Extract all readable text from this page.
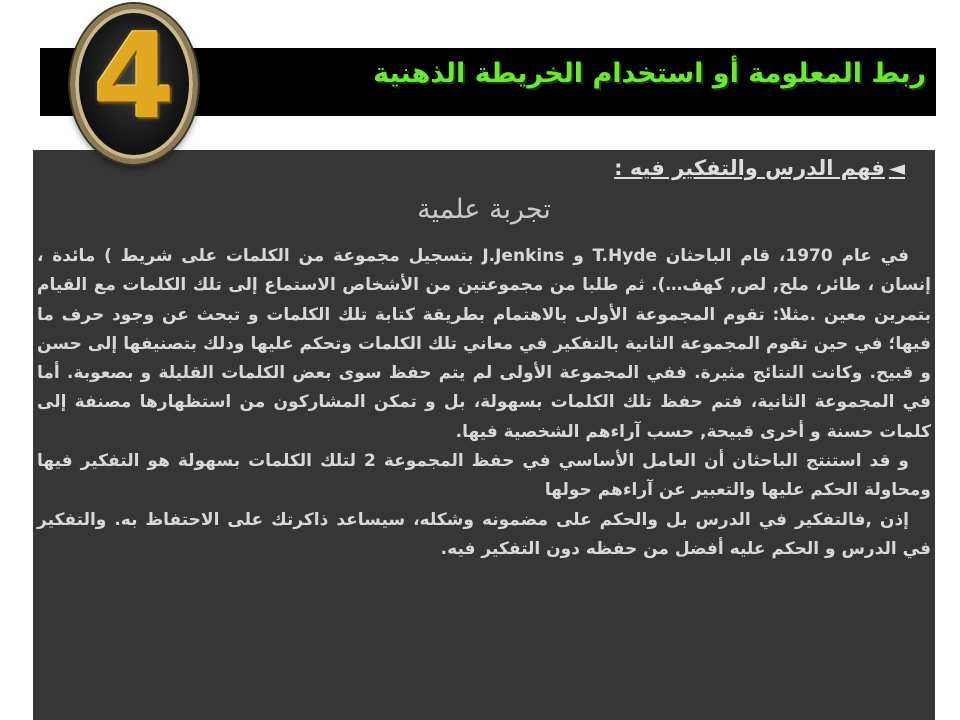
ربط المعلومة أو استخدام الخريطة الذهنية
4
◄فهم الدرس والتفكير فيه :
تجربة علمية

في عام 1970، قام الباحثان T.Hyde و J.Jenkins بتسجيل مجموعة من الكلمات على شريط ) مائدة ، إنسان ، طائر، ملح, لص, كهف…). ثم طلبا من مجموعتين من الأشخاص الاستماع إلى تلك الكلمات مع القيام بتمرين معين .مثلا: تقوم المجموعة الأولى بالاهتمام بطريقة كتابة تلك الكلمات و تبحث عن وجود حرف ما فيها؛ في حين تقوم المجموعة الثانية بالتفكير في معاني تلك الكلمات وتحكم عليها ودلك بتصنيفها إلى حسن و قبيح. وكانت النتائج مثيرة. ففي المجموعة الأولى لم يتم حفظ سوى بعض الكلمات القليلة و بصعوبة. أما في المجموعة الثانية، فتم حفظ تلك الكلمات بسهولة، بل و تمكن المشاركون من استظهارها مصنفة إلى كلمات حسنة و أخرى قبيحة, حسب آراءهم الشخصية فيها.

و قد استنتج الباحثان أن العامل الأساسي في حفظ المجموعة 2 لتلك الكلمات بسهولة هو التفكير فيها ومحاولة الحكم عليها والتعبير عن آراءهم حولها

إذن ,فالتفكير في الدرس بل والحكم على مضمونه وشكله، سيساعد ذاكرتك على الاحتفاظ به. والتفكير في الدرس و الحكم عليه أفضل من حفظه دون التفكير فيه.
